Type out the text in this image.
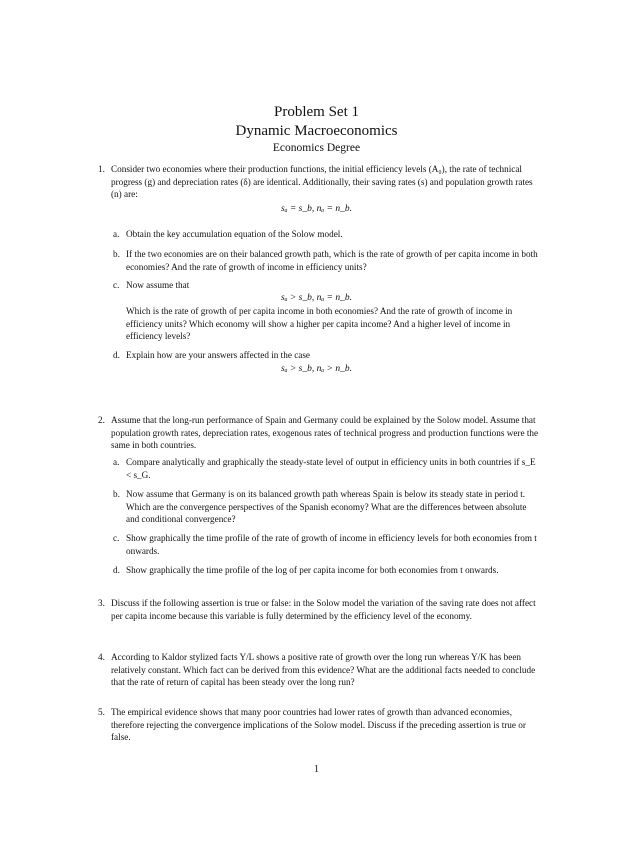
Problem Set 1
Dynamic Macroeconomics
Economics Degree
1. Consider two economies where their production functions, the initial efficiency levels (A₀), the rate of technical progress (g) and depreciation rates (δ) are identical. Additionally, their saving rates (s) and population growth rates (n) are:
sₐ = s_b, nₐ = n_b.
a. Obtain the key accumulation equation of the Solow model.
b. If the two economies are on their balanced growth path, which is the rate of growth of per capita income in both economies? And the rate of growth of income in efficiency units?
c. Now assume that
sₐ > s_b, nₐ = n_b.
Which is the rate of growth of per capita income in both economies? And the rate of growth of income in efficiency units? Which economy will show a higher per capita income? And a higher level of income in efficiency levels?
d. Explain how are your answers affected in the case
sₐ > s_b, nₐ > n_b.
2. Assume that the long-run performance of Spain and Germany could be explained by the Solow model. Assume that population growth rates, depreciation rates, exogenous rates of technical progress and production functions were the same in both countries.
a. Compare analytically and graphically the steady-state level of output in efficiency units in both countries if s_E < s_G.
b. Now assume that Germany is on its balanced growth path whereas Spain is below its steady state in period t. Which are the convergence perspectives of the Spanish economy? What are the differences between absolute and conditional convergence?
c. Show graphically the time profile of the rate of growth of income in efficiency levels for both economies from t onwards.
d. Show graphically the time profile of the log of per capita income for both economies from t onwards.
3. Discuss if the following assertion is true or false: in the Solow model the variation of the saving rate does not affect per capita income because this variable is fully determined by the efficiency level of the economy.
4. According to Kaldor stylized facts Y/L shows a positive rate of growth over the long run whereas Y/K has been relatively constant. Which fact can be derived from this evidence? What are the additional facts needed to conclude that the rate of return of capital has been steady over the long run?
5. The empirical evidence shows that many poor countries had lower rates of growth than advanced economies, therefore rejecting the convergence implications of the Solow model. Discuss if the preceding assertion is true or false.
1
